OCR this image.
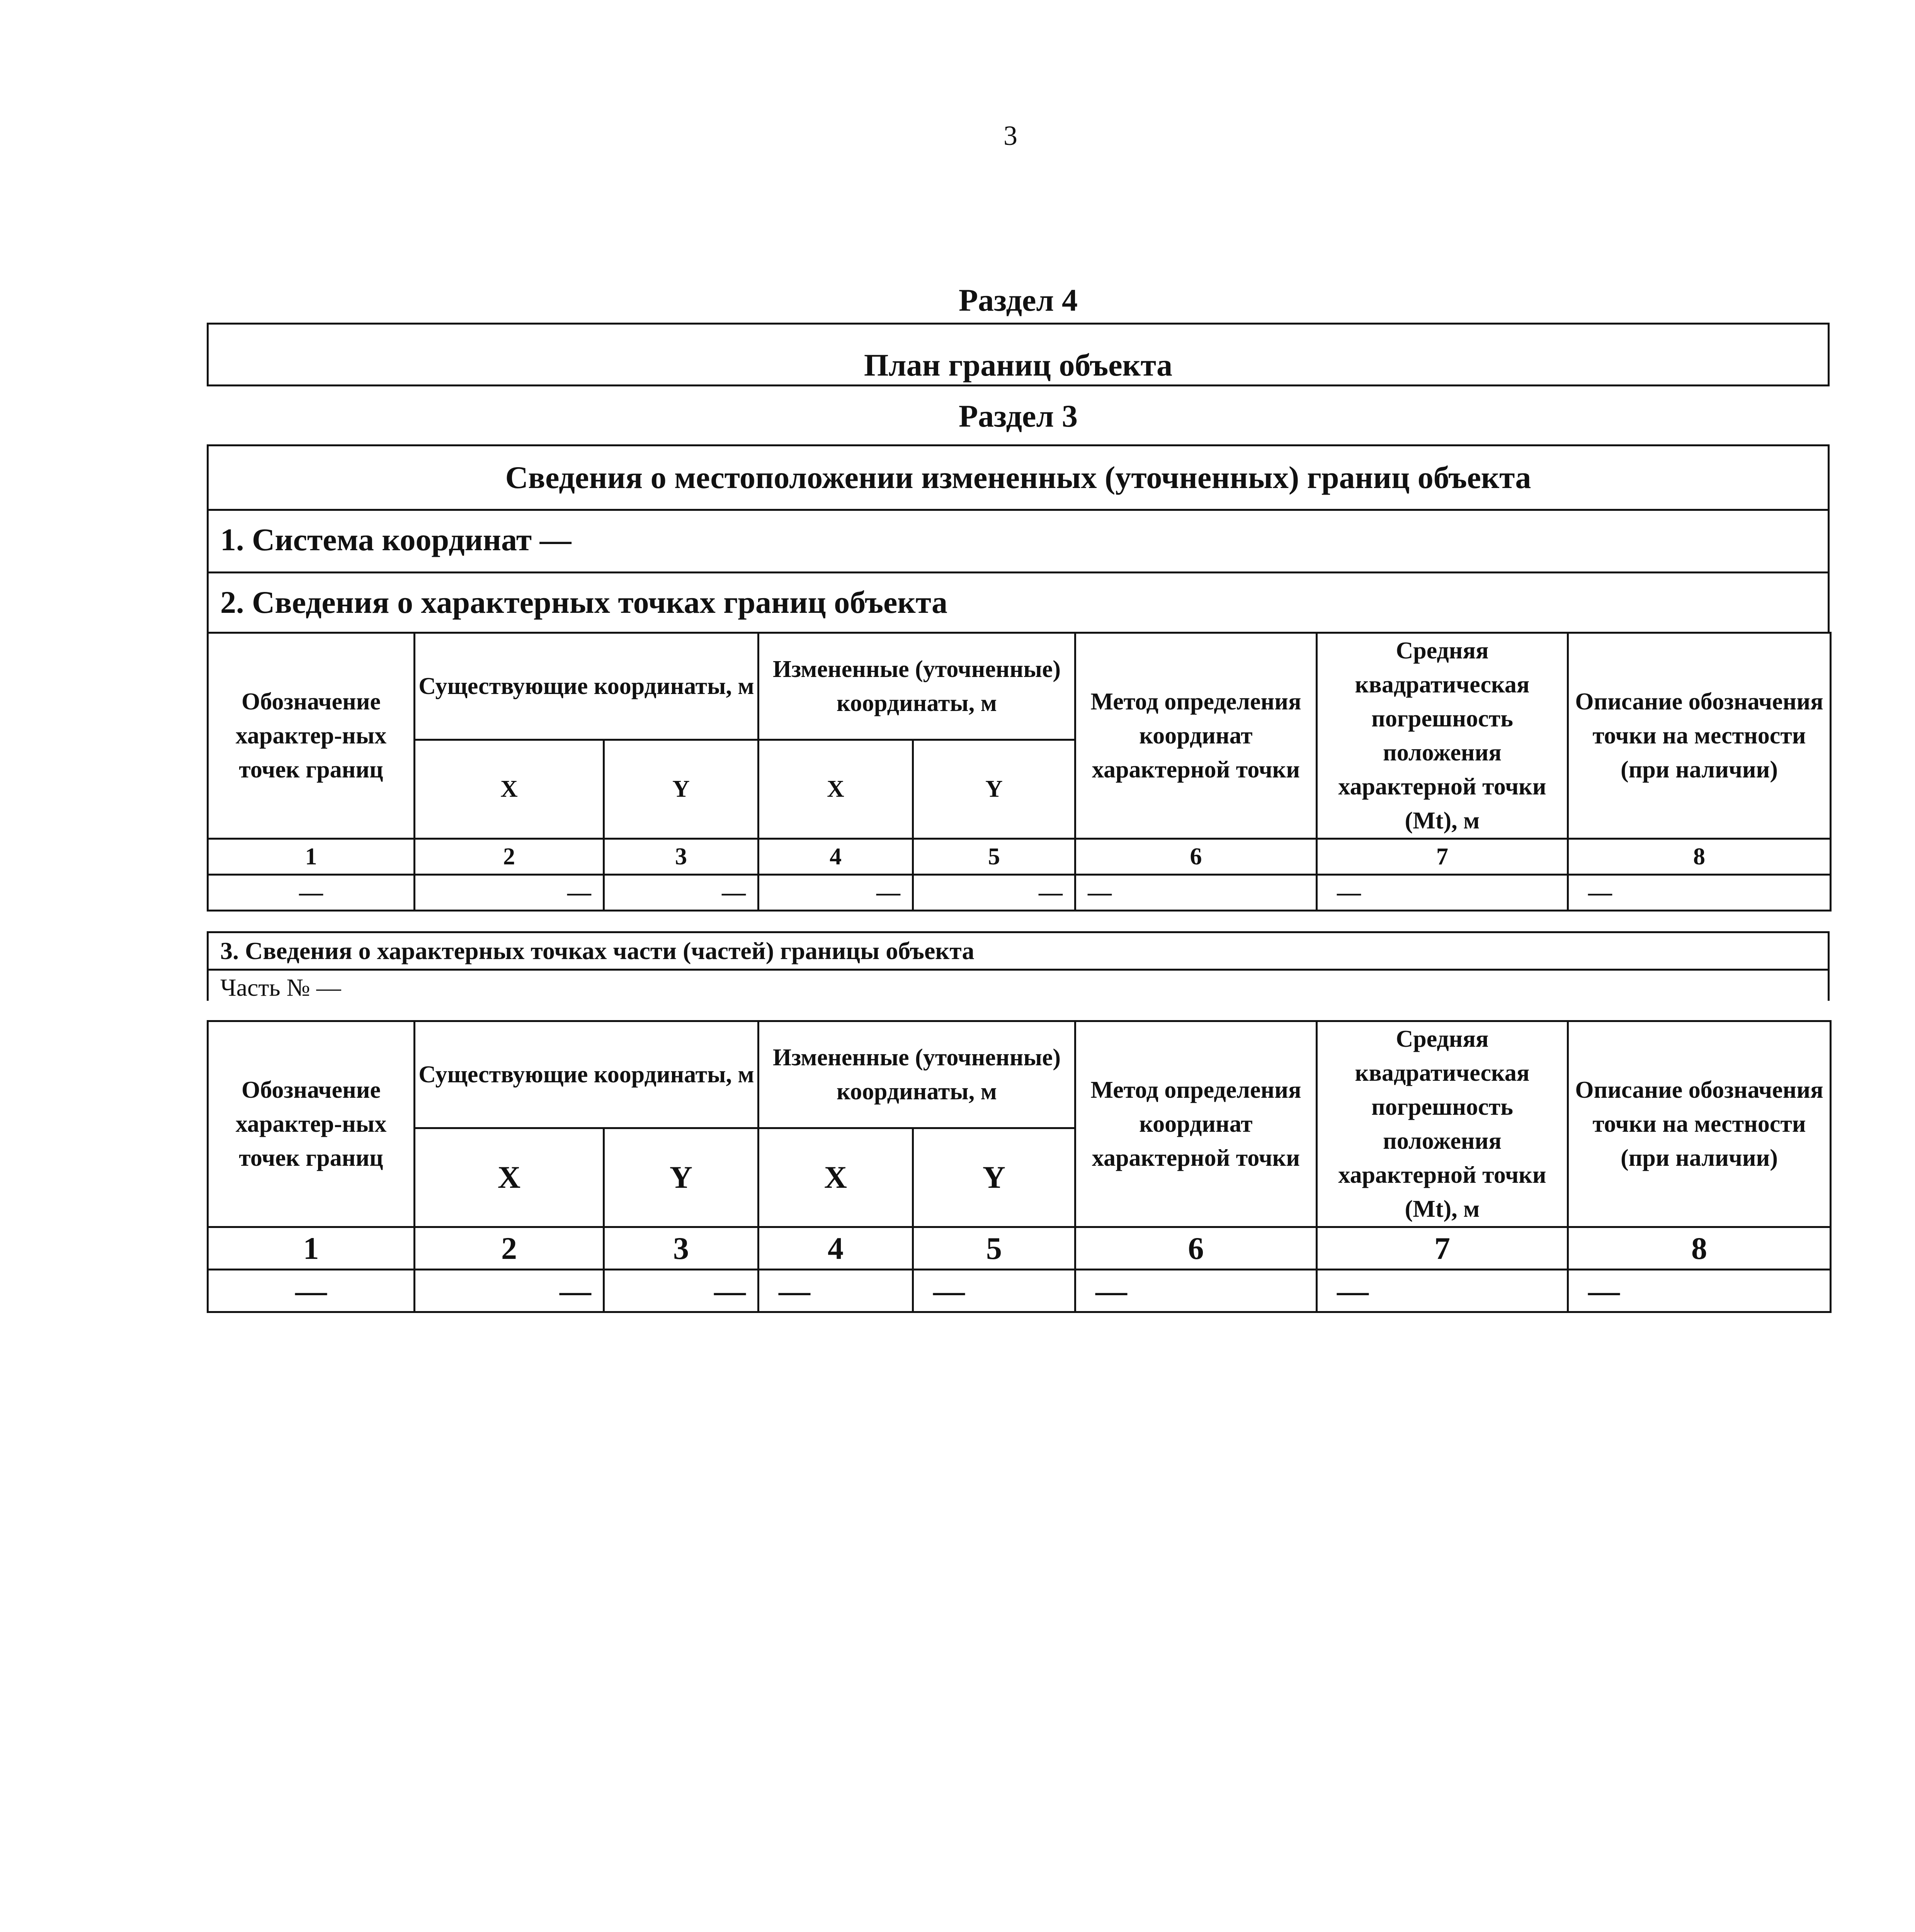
3
Раздел 4
План границ объекта
Раздел 3
Сведения о местоположении измененных (уточненных) границ объекта
1. Система координат —
2. Сведения о характерных точках границ объекта
Обозначение характер-ных точек границ	Существующие координаты, м		Измененные (уточненные) координаты, м		Метод определения координат характерной точки	Средняя квадратическая погрешность положения характерной точки (Mt), м	Описание обозначения точки на местности (при наличии)
	X	Y	X	Y			
1	2	3	4	5	6	7	8
—	—	—	—	—	—	—	—
3. Сведения о характерных точках части (частей) границы объекта
Часть № —
Обозначение характер-ных точек границ	Существующие координаты, м		Измененные (уточненные) координаты, м		Метод определения координат характерной точки	Средняя квадратическая погрешность положения характерной точки (Mt), м	Описание обозначения точки на местности (при наличии)
	X	Y	X	Y			
1	2	3	4	5	6	7	8
—	—	—	—	—	—	—	—
